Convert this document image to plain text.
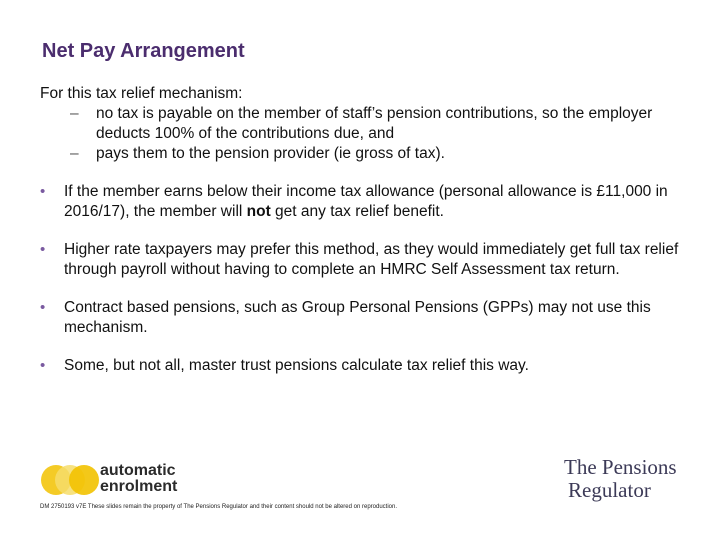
Net Pay Arrangement

For this tax relief mechanism:

– no tax is payable on the member of staff’s pension contributions, so the employer deducts 100% of the contributions due, and
– pays them to the pension provider (ie gross of tax).
• If the member earns below their income tax allowance (personal allowance is £11,000 in 2016/17), the member will not get any tax relief benefit.
• Higher rate taxpayers may prefer this method, as they would immediately get full tax relief through payroll without having to complete an HMRC Self Assessment tax return.
• Contract based pensions, such as Group Personal Pensions (GPPs) may not use this mechanism.
• Some, but not all, master trust pensions calculate tax relief this way.
automatic
enrolment
The Pensions
Regulator
DM 2750193 v7E These slides remain the property of The Pensions Regulator and their content should not be altered on reproduction.
